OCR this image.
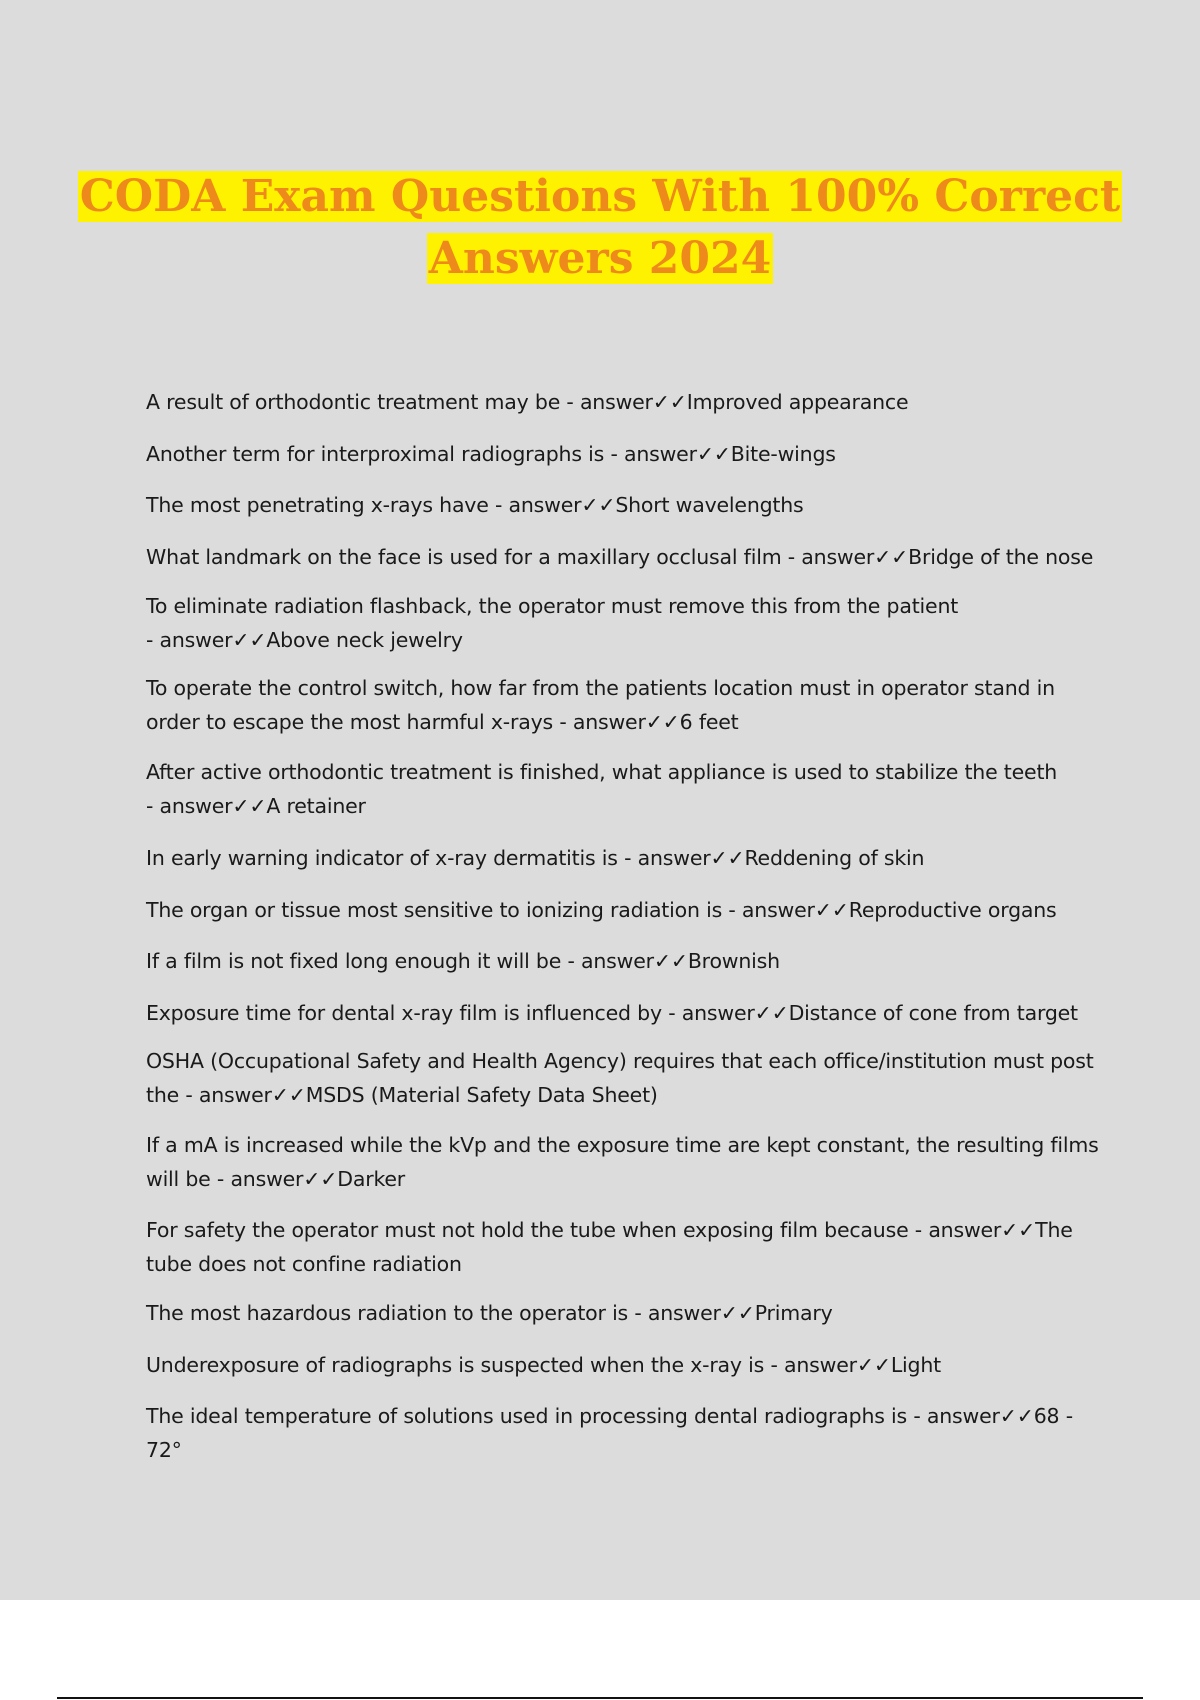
CODA Exam Questions With 100% Correct
Answers 2024
A result of orthodontic treatment may be - answer✓✓Improved appearance
Another term for interproximal radiographs is - answer✓✓Bite-wings
The most penetrating x-rays have - answer✓✓Short wavelengths
What landmark on the face is used for a maxillary occlusal film - answer✓✓Bridge of the nose
To eliminate radiation flashback, the operator must remove this from the patient - answer✓✓Above neck jewelry
To operate the control switch, how far from the patients location must in operator stand in order to escape the most harmful x-rays - answer✓✓6 feet
After active orthodontic treatment is finished, what appliance is used to stabilize the teeth - answer✓✓A retainer
In early warning indicator of x-ray dermatitis is - answer✓✓Reddening of skin
The organ or tissue most sensitive to ionizing radiation is - answer✓✓Reproductive organs
If a film is not fixed long enough it will be - answer✓✓Brownish
Exposure time for dental x-ray film is influenced by - answer✓✓Distance of cone from target
OSHA (Occupational Safety and Health Agency) requires that each office/institution must post the - answer✓✓MSDS (Material Safety Data Sheet)
If a mA is increased while the kVp and the exposure time are kept constant, the resulting films will be - answer✓✓Darker
For safety the operator must not hold the tube when exposing film because - answer✓✓The tube does not confine radiation
The most hazardous radiation to the operator is - answer✓✓Primary
Underexposure of radiographs is suspected when the x-ray is - answer✓✓Light
The ideal temperature of solutions used in processing dental radiographs is - answer✓✓68 - 72°
